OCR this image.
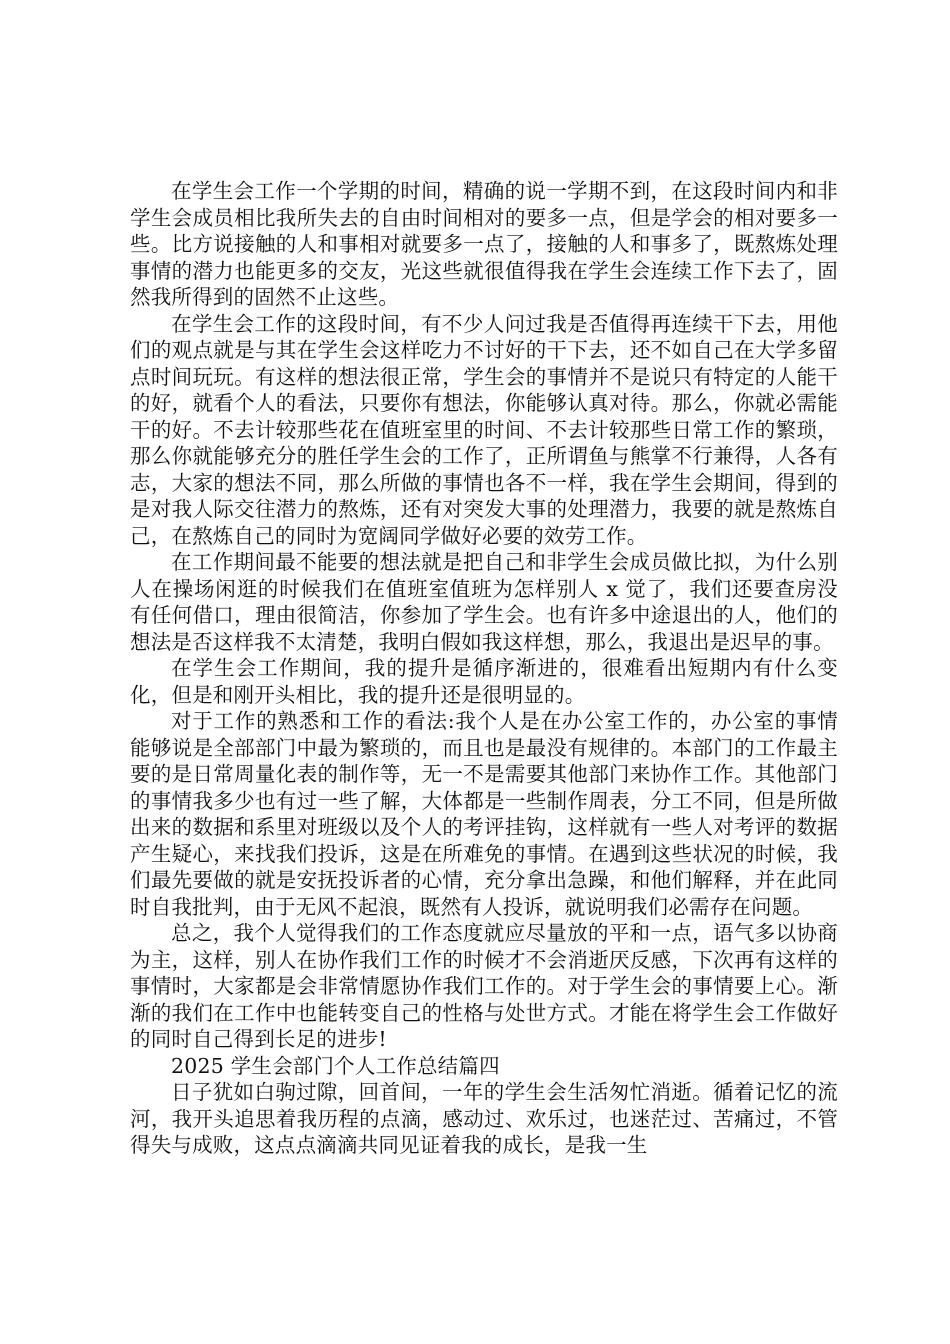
在学生会工作一个学期的时间，精确的说一学期不到，在这段时间内和非学生会成员相比我所失去的自由时间相对的要多一点，但是学会的相对要多一些。比方说接触的人和事相对就要多一点了，接触的人和事多了，既熬炼处理事情的潜力也能更多的交友，光这些就很值得我在学生会连续工作下去了，固然我所得到的固然不止这些。

在学生会工作的这段时间，有不少人问过我是否值得再连续干下去，用他们的观点就是与其在学生会这样吃力不讨好的干下去，还不如自己在大学多留点时间玩玩。有这样的想法很正常，学生会的事情并不是说只有特定的人能干的好，就看个人的看法，只要你有想法，你能够认真对待。那么，你就必需能干的好。不去计较那些花在值班室里的时间、不去计较那些日常工作的繁琐，那么你就能够充分的胜任学生会的工作了，正所谓鱼与熊掌不行兼得，人各有志，大家的想法不同，那么所做的事情也各不一样，我在学生会期间，得到的是对我人际交往潜力的熬炼，还有对突发大事的处理潜力，我要的就是熬炼自己，在熬炼自己的同时为宽阔同学做好必要的效劳工作。

在工作期间最不能要的想法就是把自己和非学生会成员做比拟，为什么别人在操场闲逛的时候我们在值班室值班为怎样别人 x 觉了，我们还要查房没有任何借口，理由很简洁，你参加了学生会。也有许多中途退出的人，他们的想法是否这样我不太清楚，我明白假如我这样想，那么，我退出是迟早的事。

在学生会工作期间，我的提升是循序渐进的，很难看出短期内有什么变化，但是和刚开头相比，我的提升还是很明显的。

对于工作的熟悉和工作的看法:我个人是在办公室工作的，办公室的事情能够说是全部部门中最为繁琐的，而且也是最没有规律的。本部门的工作最主要的是日常周量化表的制作等，无一不是需要其他部门来协作工作。其他部门的事情我多少也有过一些了解，大体都是一些制作周表，分工不同，但是所做出来的数据和系里对班级以及个人的考评挂钩，这样就有一些人对考评的数据产生疑心，来找我们投诉，这是在所难免的事情。在遇到这些状况的时候，我们最先要做的就是安抚投诉者的心情，充分拿出急躁，和他们解释，并在此同时自我批判，由于无风不起浪，既然有人投诉，就说明我们必需存在问题。

总之，我个人觉得我们的工作态度就应尽量放的平和一点，语气多以协商为主，这样，别人在协作我们工作的时候才不会消逝厌反感，下次再有这样的事情时，大家都是会非常情愿协作我们工作的。对于学生会的事情要上心。渐渐的我们在工作中也能转变自己的性格与处世方式。才能在将学生会工作做好的同时自己得到长足的进步!

2025 学生会部门个人工作总结篇四

日子犹如白驹过隙，回首间，一年的学生会生活匆忙消逝。循着记忆的流河，我开头追思着我历程的点滴，感动过、欢乐过，也迷茫过、苦痛过，不管得失与成败，这点点滴滴共同见证着我的成长，是我一生
